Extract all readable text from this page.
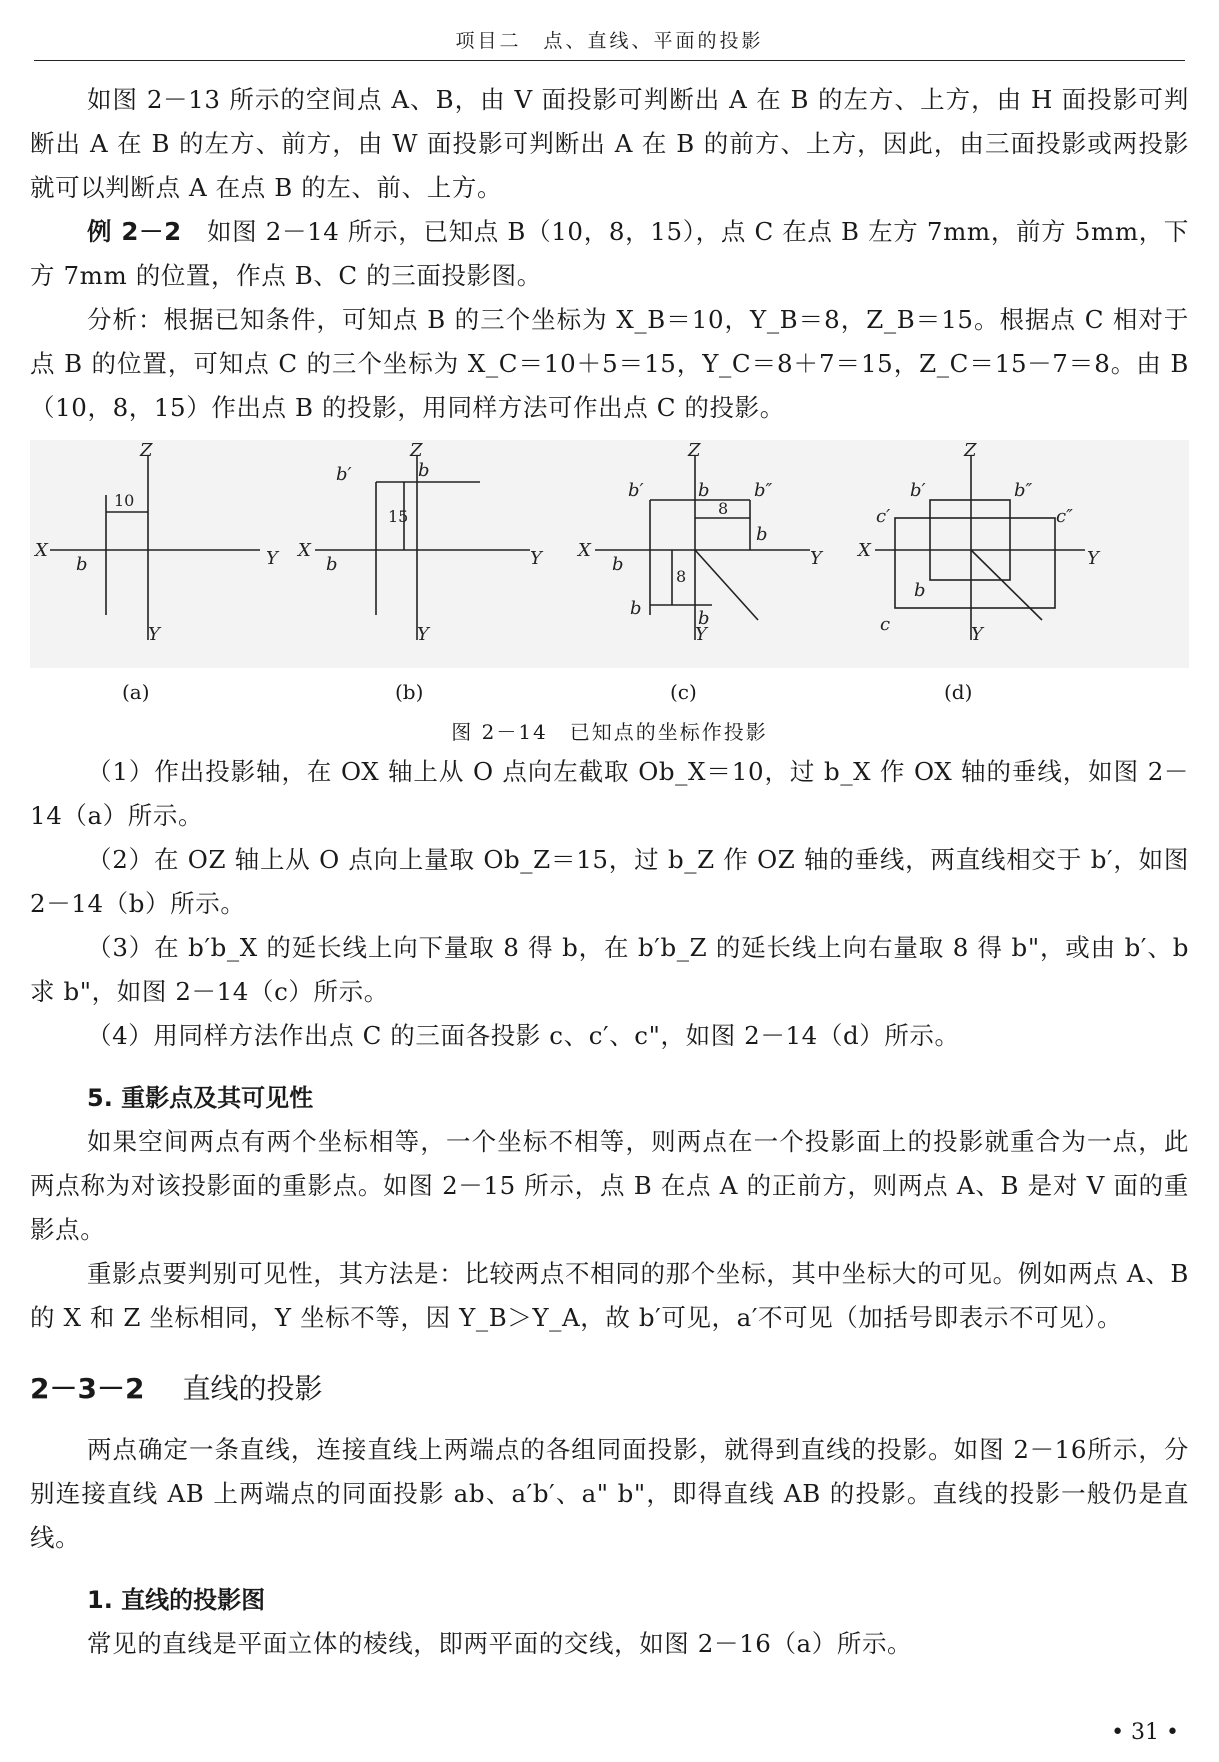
项目二　点、直线、平面的投影

如图 2－13 所示的空间点 A、B，由 V 面投影可判断出 A 在 B 的左方、上方，由 H 面投影可判断出 A 在 B 的左方、前方，由 W 面投影可判断出 A 在 B 的前方、上方，因此，由三面投影或两投影就可以判断点 A 在点 B 的左、前、上方。

例 2－2　如图 2－14 所示，已知点 B（10，8，15），点 C 在点 B 左方 7mm，前方 5mm，下方 7mm 的位置，作点 B、C 的三面投影图。

分析：根据已知条件，可知点 B 的三个坐标为 X_B＝10，Y_B＝8，Z_B＝15。根据点 C 相对于点 B 的位置，可知点 C 的三个坐标为 X_C＝10＋5＝15，Y_C＝8＋7＝15，Z_C＝15－7＝8。由 B（10，8，15）作出点 B 的投影，用同样方法可作出点 C 的投影。

Z
X	Y
Y
b
10
Z
X	Y
Y
b′	b
b
15
Z
X	Y
Y
b′	b b″
b
b
b	b
8
8
Z
X	Y
Y
b′	b″
c′	c″
b
c
(a)	(b)	(c)	(d)
图 2－14　已知点的坐标作投影

（1）作出投影轴，在 OX 轴上从 O 点向左截取 Ob_X＝10，过 b_X 作 OX 轴的垂线，如图 2－14（a）所示。

（2）在 OZ 轴上从 O 点向上量取 Ob_Z＝15，过 b_Z 作 OZ 轴的垂线，两直线相交于 b′，如图 2－14（b）所示。

（3）在 b′b_X 的延长线上向下量取 8 得 b，在 b′b_Z 的延长线上向右量取 8 得 b"，或由 b′、b 求 b"，如图 2－14（c）所示。

（4）用同样方法作出点 C 的三面各投影 c、c′、c"，如图 2－14（d）所示。

5. 重影点及其可见性

如果空间两点有两个坐标相等，一个坐标不相等，则两点在一个投影面上的投影就重合为一点，此两点称为对该投影面的重影点。如图 2－15 所示，点 B 在点 A 的正前方，则两点 A、B 是对 V 面的重影点。

重影点要判别可见性，其方法是：比较两点不相同的那个坐标，其中坐标大的可见。例如两点 A、B 的 X 和 Z 坐标相同，Y 坐标不等，因 Y_B＞Y_A，故 b′可见，a′不可见（加括号即表示不可见）。

2－3－2 直线的投影

两点确定一条直线，连接直线上两端点的各组同面投影，就得到直线的投影。如图 2－16所示，分别连接直线 AB 上两端点的同面投影 ab、a′b′、a" b"，即得直线 AB 的投影。直线的投影一般仍是直线。

1. 直线的投影图

常见的直线是平面立体的棱线，即两平面的交线，如图 2－16（a）所示。

• 31 •
